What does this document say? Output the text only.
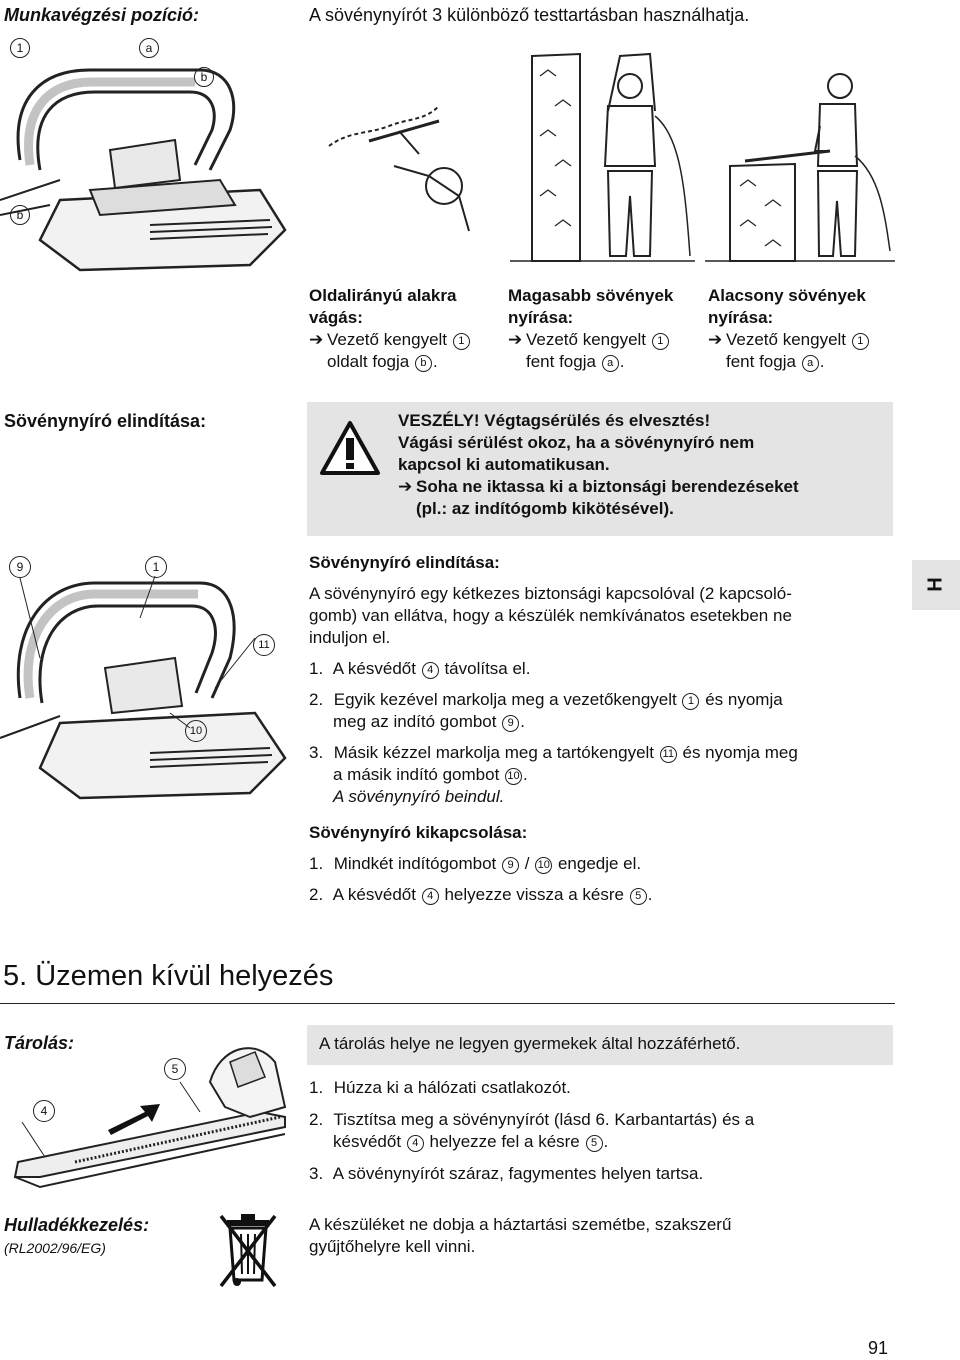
Munkavégzési pozíció:	A sövénynyírót 3 különböző testtartásban használhatja.
1	a
b
b
Oldalirányú alakra
vágás:
➔ Vezető kengyelt 1
oldalt fogja b .
Magasabb sövények
nyírása:
➔ Vezető kengyelt 1
fent fogja a .
Alacsony sövények
nyírása:
➔ Vezető kengyelt 1
fent fogja a .
Sövénynyíró elindítása:	VESZÉLY! Végtagsérülés és elvesztés!
Vágási sérülést okoz, ha a sövénynyíró nem
kapcsol ki automatikusan.
➔ Soha ne iktassa ki a biztonsági berendezéseket
(pl.: az indítógomb kikötésével).
9	1
11
10
Sövénynyíró elindítása:
A sövénynyíró egy kétkezes biztonsági kapcsolóval (2 kapcsoló-
gomb) van ellátva, hogy a készülék nemkívánatos esetekben ne
induljon el.
1. A késvédőt 4 távolítsa el.
2. Egyik kezével markolja meg a vezetőkengyelt 1 és nyomja
meg az indító gombot 9 .
3. Másik kézzel markolja meg a tartókengyelt 11 és nyomja meg
a másik indító gombot 10 .
A sövénynyíró beindul.
Sövénynyíró kikapcsolása:
1. Mindkét indítógombot 9 / 10 engedje el.
2. A késvédőt 4 helyezze vissza a késre 5 .
H
5. Üzemen kívül helyezés
Tárolás:
5
4
A tárolás helye ne legyen gyermekek által hozzáférhető.
1. Húzza ki a hálózati csatlakozót.
2. Tisztítsa meg a sövénynyírót (lásd 6. Karbantartás) és a
késvédőt 4 helyezze fel a késre 5 .
3. A sövénynyírót száraz, fagymentes helyen tartsa.
Hulladékkezelés:
(RL2002/96/EG)
A készüléket ne dobja a háztartási szemétbe, szakszerű
gyűjtőhelyre kell vinni.
91
